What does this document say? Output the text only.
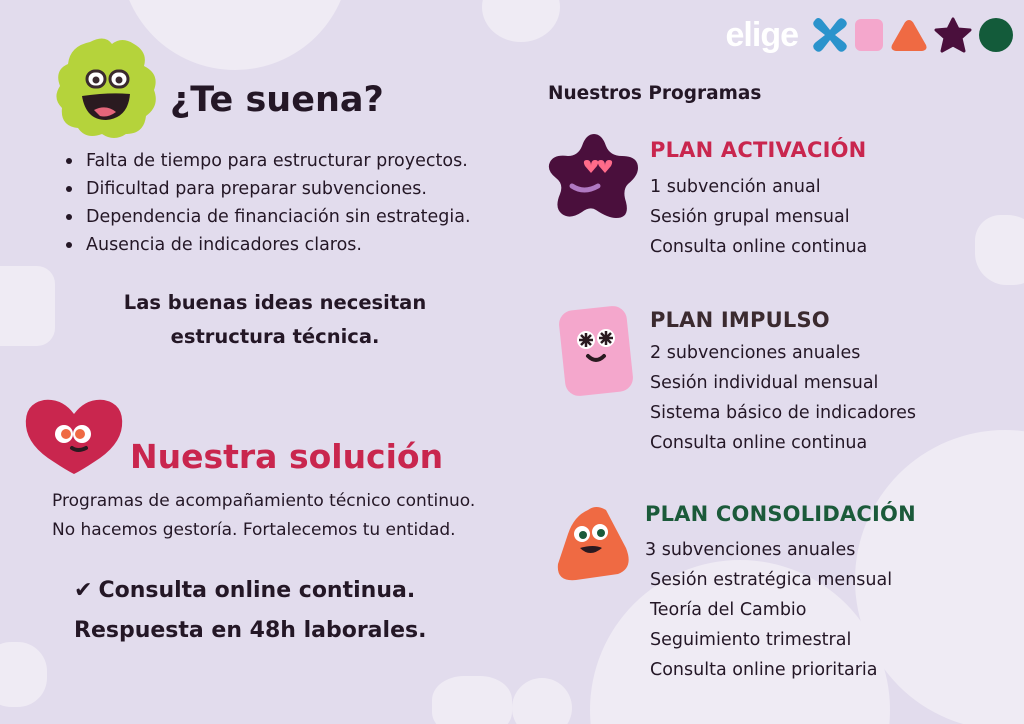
elige
¿Te suena?
Falta de tiempo para estructurar proyectos.
Dificultad para preparar subvenciones.
Dependencia de financiación sin estrategia.
Ausencia de indicadores claros.
Las buenas ideas necesitan
estructura técnica.
Nuestra solución
Programas de acompañamiento técnico continuo.
No hacemos gestoría. Fortalecemos tu entidad.
✔ Consulta online continua.
Respuesta en 48h laborales.
Nuestros Programas
PLAN ACTIVACIÓN
1 subvención anual
Sesión grupal mensual
Consulta online continua
PLAN IMPULSO
2 subvenciones anuales
Sesión individual mensual
Sistema básico de indicadores
Consulta online continua
PLAN CONSOLIDACIÓN
3 subvenciones anuales
Sesión estratégica mensual
Teoría del Cambio
Seguimiento trimestral
Consulta online prioritaria
